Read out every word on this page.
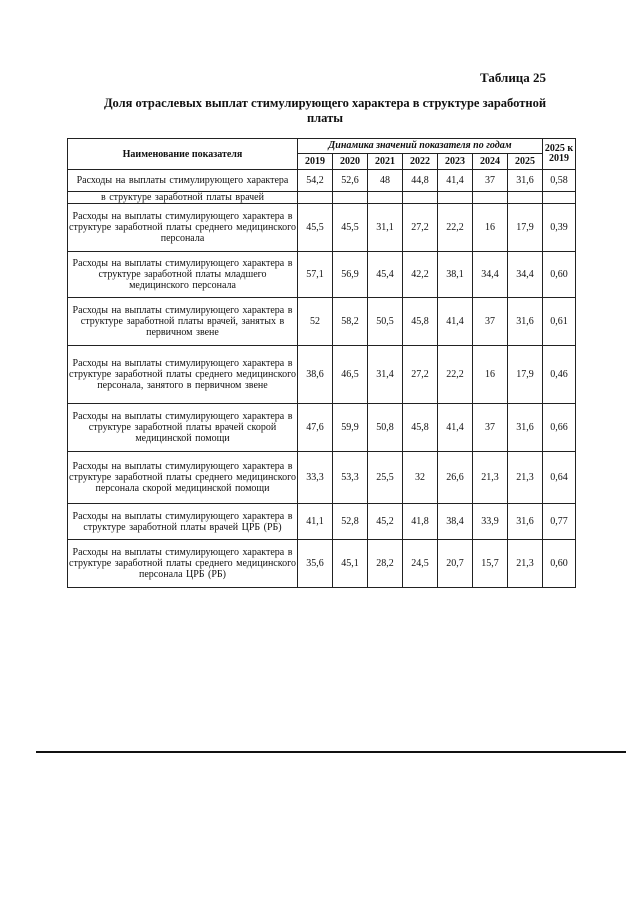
Таблица 25
Доля отраслевых выплат стимулирующего характера в структуре заработной платы
Наименование показателя	Динамика значений показателя по годам							2025 к 2019
	2019	2020	2021	2022	2023	2024	2025	
Расходы на выплаты стимулирующего характера	54,2	52,6	48	44,8	41,4	37	31,6	0,58
в структуре заработной платы врачей								
Расходы на выплаты стимулирующего характера в структуре заработной платы среднего медицинского персонала	45,5	45,5	31,1	27,2	22,2	16	17,9	0,39
Расходы на выплаты стимулирующего характера в структуре заработной платы младшего медицинского персонала	57,1	56,9	45,4	42,2	38,1	34,4	34,4	0,60
Расходы на выплаты стимулирующего характера в структуре заработной платы врачей, занятых в первичном звене	52	58,2	50,5	45,8	41,4	37	31,6	0,61
Расходы на выплаты стимулирующего характера в структуре заработной платы среднего медицинского персонала, занятого в первичном звене	38,6	46,5	31,4	27,2	22,2	16	17,9	0,46
Расходы на выплаты стимулирующего характера в структуре заработной платы врачей скорой медицинской помощи	47,6	59,9	50,8	45,8	41,4	37	31,6	0,66
Расходы на выплаты стимулирующего характера в структуре заработной платы среднего медицинского персонала скорой медицинской помощи	33,3	53,3	25,5	32	26,6	21,3	21,3	0,64
Расходы на выплаты стимулирующего характера в структуре заработной платы врачей ЦРБ (РБ)	41,1	52,8	45,2	41,8	38,4	33,9	31,6	0,77
Расходы на выплаты стимулирующего характера в структуре заработной платы среднего медицинского персонала ЦРБ (РБ)	35,6	45,1	28,2	24,5	20,7	15,7	21,3	0,60
